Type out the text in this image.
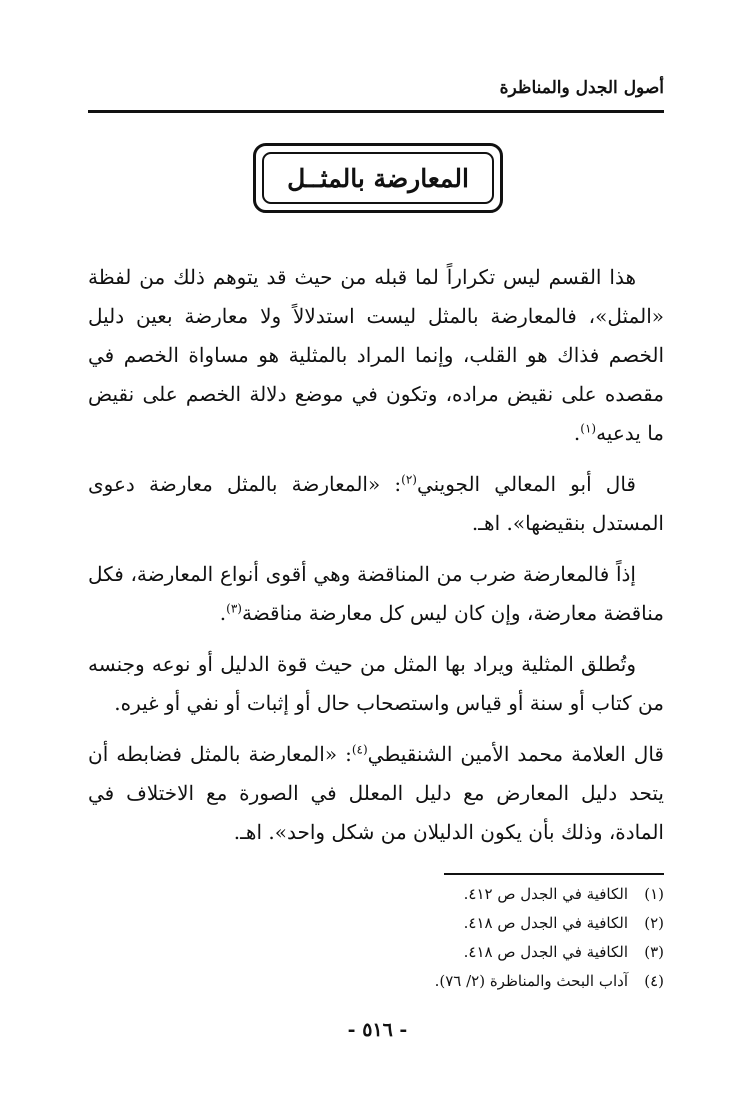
أصول الجدل والمناظرة
المعارضة بالمثــل

هذا القسم ليس تكراراً لما قبله من حيث قد يتوهم ذلك من لفظة «المثل»، فالمعارضة بالمثل ليست استدلالاً ولا معارضة بعين دليل الخصم فذاك هو القلب، وإنما المراد بالمثلية هو مساواة الخصم في مقصده على نقيض مراده، وتكون في موضع دلالة الخصم على نقيض ما يدعيه$^{(١)}$.

قال أبو المعالي الجويني$^{(٢)}$: «المعارضة بالمثل معارضة دعوى المستدل بنقيضها». اهـ.

إذاً فالمعارضة ضرب من المناقضة وهي أقوى أنواع المعارضة، فكل مناقضة معارضة، وإن كان ليس كل معارضة مناقضة$^{(٣)}$.

وتُطلق المثلية ويراد بها المثل من حيث قوة الدليل أو نوعه وجنسه من كتاب أو سنة أو قياس واستصحاب حال أو إثبات أو نفي أو غيره.

قال العلامة محمد الأمين الشنقيطي$^{(٤)}$: «المعارضة بالمثل فضابطه أن يتحد دليل المعارض مع دليل المعلل في الصورة مع الاختلاف في المادة، وذلك بأن يكون الدليلان من شكل واحد». اهـ.

(١)الكافية في الجدل ص ٤١٢.
(٢)الكافية في الجدل ص ٤١٨.
(٣)الكافية في الجدل ص ٤١٨.
(٤)آداب البحث والمناظرة (٢/ ٧٦).
- ٥١٦ -
